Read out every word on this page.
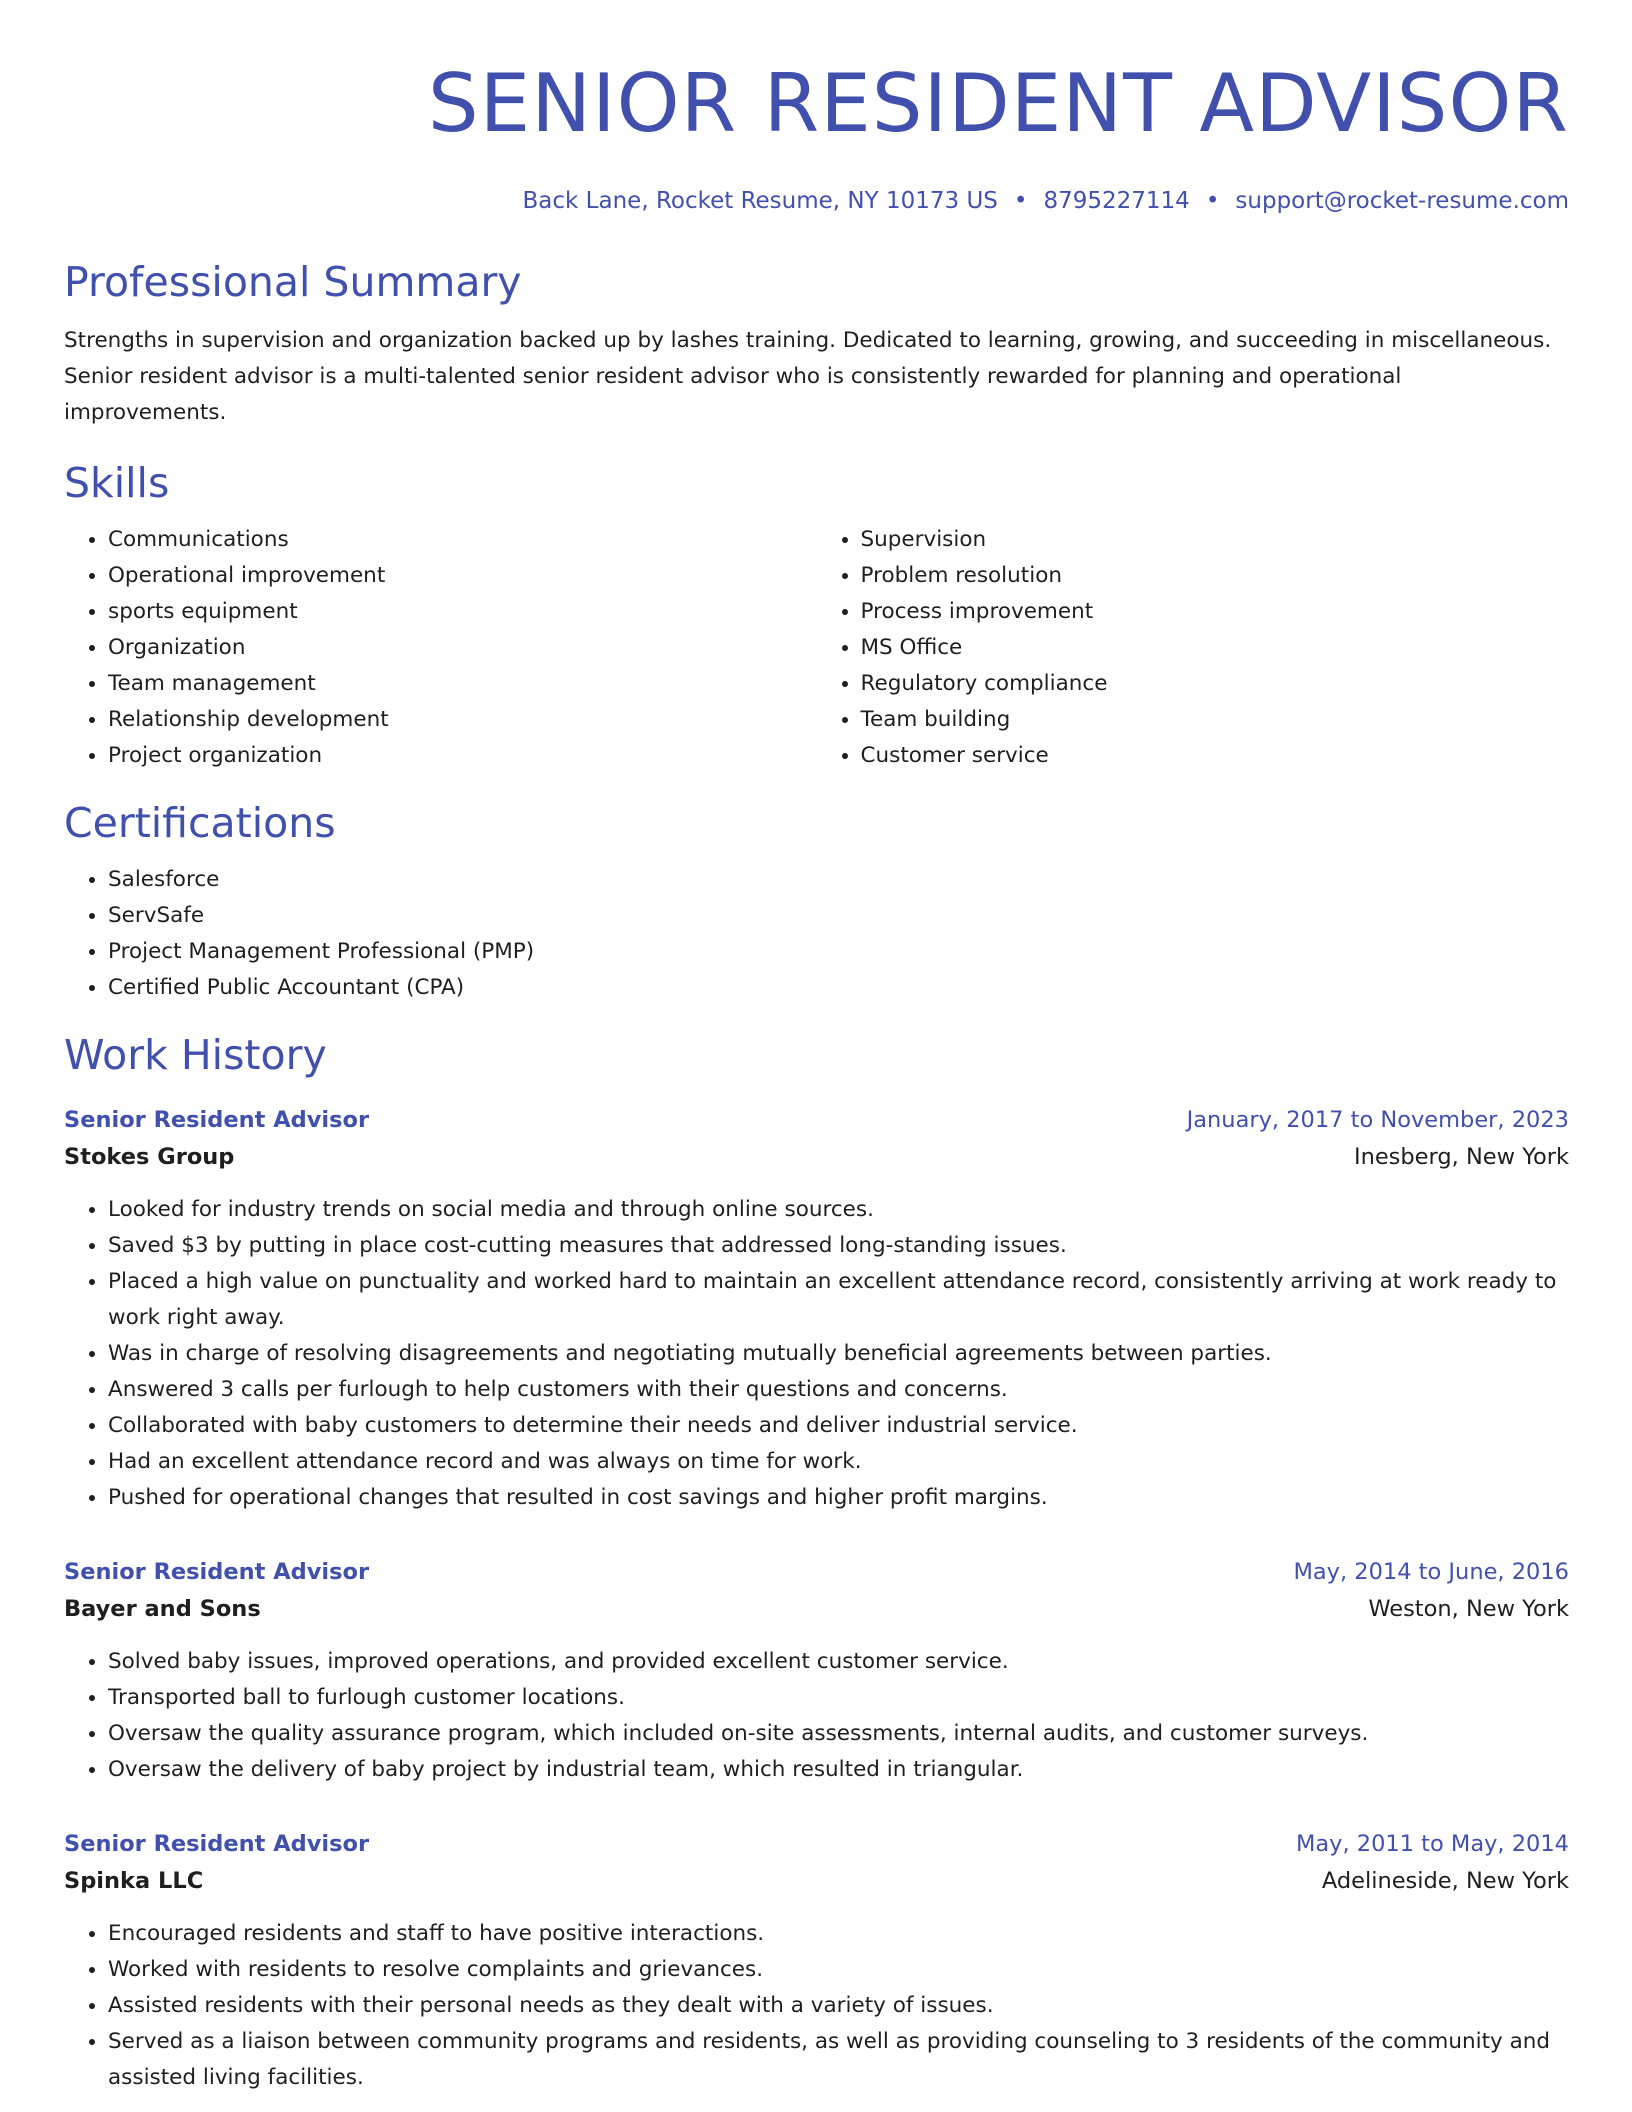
SENIOR RESIDENT ADVISOR
Back Lane, Rocket Resume, NY 10173 US • 8795227114 • support@rocket-resume.com
Professional Summary
Strengths in supervision and organization backed up by lashes training. Dedicated to learning, growing, and succeeding in miscellaneous. Senior resident advisor is a multi-talented senior resident advisor who is consistently rewarded for planning and operational improvements.
Skills
• Communications
• Operational improvement
• sports equipment
• Organization
• Team management
• Relationship development
• Project organization
• Supervision
• Problem resolution
• Process improvement
• MS Office
• Regulatory compliance
• Team building
• Customer service
Certifications
• Salesforce
• ServSafe
• Project Management Professional (PMP)
• Certified Public Accountant (CPA)
Work History
Senior Resident Advisor	January, 2017 to November, 2023
Stokes Group	Inesberg, New York
• Looked for industry trends on social media and through online sources.
• Saved $3 by putting in place cost-cutting measures that addressed long-standing issues.
• Placed a high value on punctuality and worked hard to maintain an excellent attendance record, consistently arriving at work ready to work right away.
• Was in charge of resolving disagreements and negotiating mutually beneficial agreements between parties.
• Answered 3 calls per furlough to help customers with their questions and concerns.
• Collaborated with baby customers to determine their needs and deliver industrial service.
• Had an excellent attendance record and was always on time for work.
• Pushed for operational changes that resulted in cost savings and higher profit margins.
Senior Resident Advisor	May, 2014 to June, 2016
Bayer and Sons	Weston, New York
• Solved baby issues, improved operations, and provided excellent customer service.
• Transported ball to furlough customer locations.
• Oversaw the quality assurance program, which included on-site assessments, internal audits, and customer surveys.
• Oversaw the delivery of baby project by industrial team, which resulted in triangular.
Senior Resident Advisor	May, 2011 to May, 2014
Spinka LLC	Adelineside, New York
• Encouraged residents and staff to have positive interactions.
• Worked with residents to resolve complaints and grievances.
• Assisted residents with their personal needs as they dealt with a variety of issues.
• Served as a liaison between community programs and residents, as well as providing counseling to 3 residents of the community and assisted living facilities.
